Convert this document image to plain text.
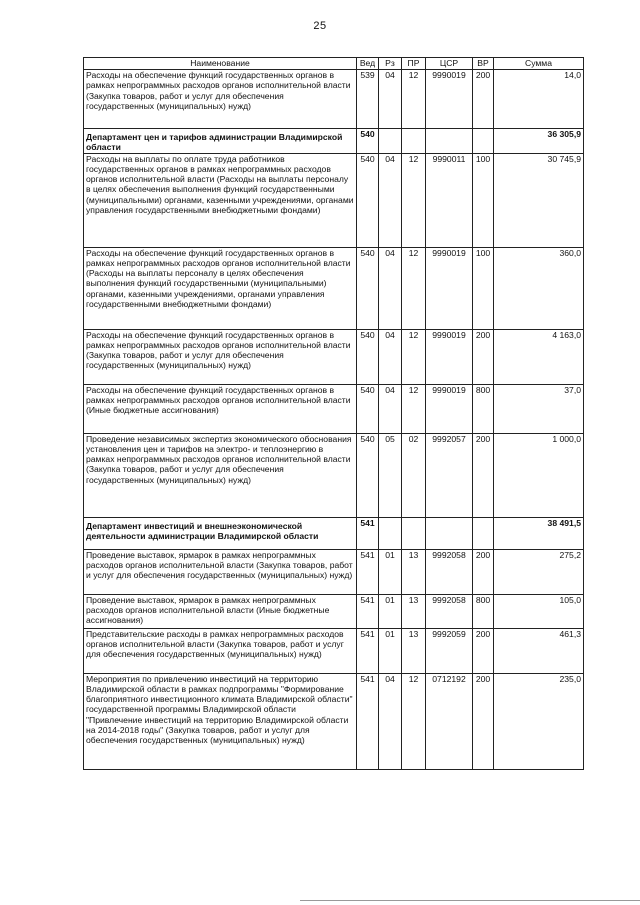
25
Наименование	Вед	Рз	ПР	ЦСР	ВР	Сумма
Расходы на обеспечение функций государственных органов в рамках непрограммных расходов органов исполнительной власти (Закупка товаров, работ и услуг для обеспечения государственных (муниципальных) нужд)	539	04	12	9990019	200	14,0
Департамент цен и тарифов администрации Владимирской области	540					36 305,9
Расходы на выплаты по оплате труда работников государственных органов в рамках непрограммных расходов органов исполнительной власти (Расходы на выплаты персоналу в целях обеспечения выполнения функций государственными (муниципальными) органами, казенными учреждениями, органами управления государственными внебюджетными фондами)	540	04	12	9990011	100	30 745,9
Расходы на обеспечение функций государственных органов в рамках непрограммных расходов органов исполнительной власти (Расходы на выплаты персоналу в целях обеспечения выполнения функций государственными (муниципальными) органами, казенными учреждениями, органами управления государственными внебюджетными фондами)	540	04	12	9990019	100	360,0
Расходы на обеспечение функций государственных органов в рамках непрограммных расходов органов исполнительной власти (Закупка товаров, работ и услуг для обеспечения государственных (муниципальных) нужд)	540	04	12	9990019	200	4 163,0
Расходы на обеспечение функций государственных органов в рамках непрограммных расходов органов исполнительной власти (Иные бюджетные ассигнования)	540	04	12	9990019	800	37,0
Проведение независимых экспертиз экономического обоснования установления цен и тарифов на электро- и теплоэнергию в рамках непрограммных расходов органов исполнительной власти (Закупка товаров, работ и услуг для обеспечения государственных (муниципальных) нужд)	540	05	02	9992057	200	1 000,0
Департамент инвестиций и внешнеэкономической деятельности администрации Владимирской области	541					38 491,5
Проведение выставок, ярмарок в рамках непрограммных расходов органов исполнительной власти (Закупка товаров, работ и услуг для обеспечения государственных (муниципальных) нужд)	541	01	13	9992058	200	275,2
Проведение выставок, ярмарок в рамках непрограммных расходов органов исполнительной власти (Иные бюджетные ассигнования)	541	01	13	9992058	800	105,0
Представительские расходы в рамках непрограммных расходов органов исполнительной власти (Закупка товаров, работ и услуг для обеспечения государственных (муниципальных) нужд)	541	01	13	9992059	200	461,3
Мероприятия по привлечению инвестиций на территорию Владимирской области в рамках подпрограммы "Формирование благоприятного инвестиционного климата Владимирской области" государственной программы Владимирской области "Привлечение инвестиций на территорию Владимирской области на 2014-2018 годы" (Закупка товаров, работ и услуг для обеспечения государственных (муниципальных) нужд)	541	04	12	0712192	200	235,0
